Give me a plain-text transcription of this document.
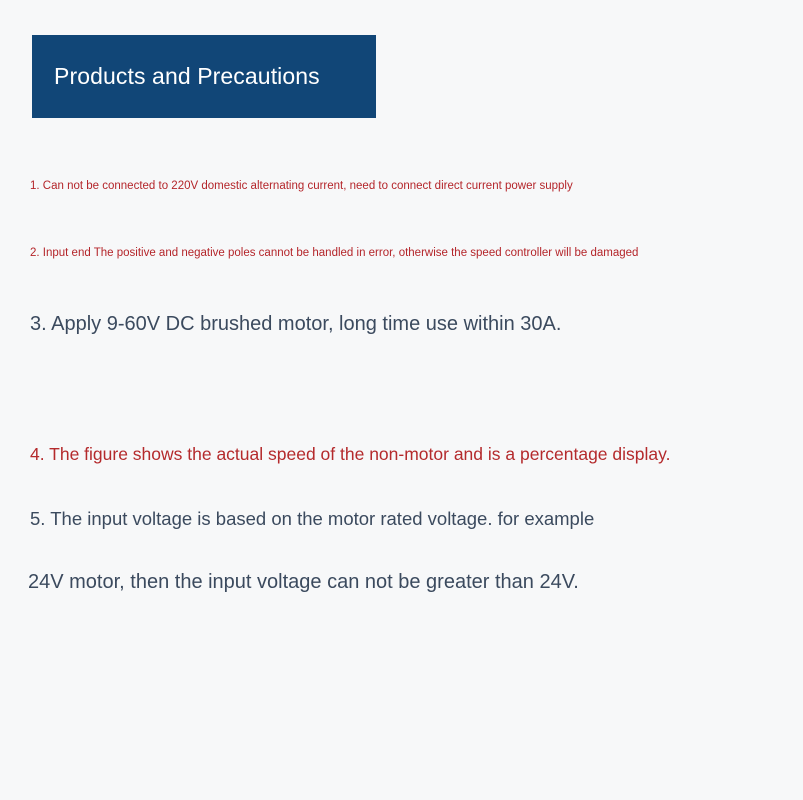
Products and Precautions

1. Can not be connected to 220V domestic alternating current, need to connect direct current power supply

2. Input end The positive and negative poles cannot be handled in error, otherwise the speed controller will be damaged

3. Apply 9-60V DC brushed motor, long time use within 30A.

4. The figure shows the actual speed of the non-motor and is a percentage display.

5. The input voltage is based on the motor rated voltage. for example

24V motor, then the input voltage can not be greater than 24V.
